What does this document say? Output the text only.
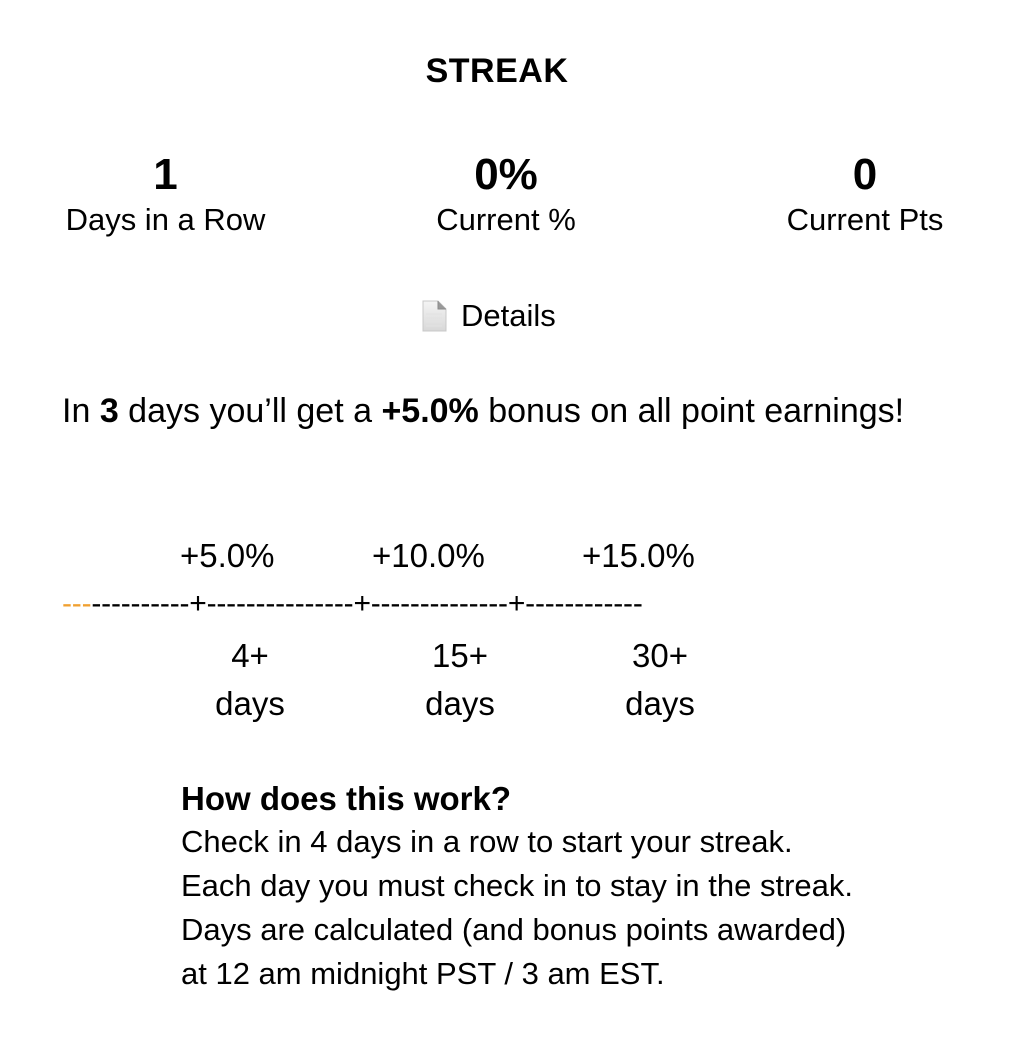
STREAK
1
Days in a Row
0%
Current %
0
Current Pts
Details
In 3 days you’ll get a +5.0% bonus on all point earnings!
+5.0%	+10.0%	+15.0%
-------------+---------------+--------------+------------
4+
days
15+
days
30+
days
How does this work?
Check in 4 days in a row to start your streak.
Each day you must check in to stay in the streak.
Days are calculated (and bonus points awarded)
at 12 am midnight PST / 3 am EST.
